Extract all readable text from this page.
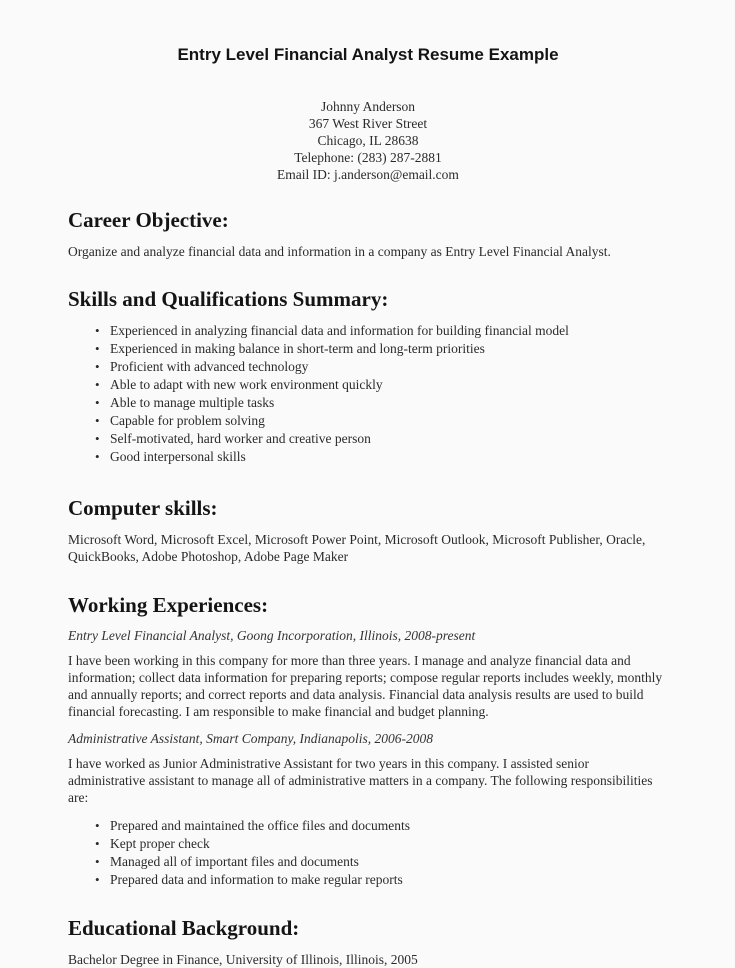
Entry Level Financial Analyst Resume Example
Johnny Anderson
367 West River Street
Chicago, IL 28638
Telephone: (283) 287-2881
Email ID: j.anderson@email.com
Career Objective:

Organize and analyze financial data and information in a company as Entry Level Financial Analyst.

Skills and Qualifications Summary:
• Experienced in analyzing financial data and information for building financial model
• Experienced in making balance in short-term and long-term priorities
• Proficient with advanced technology
• Able to adapt with new work environment quickly
• Able to manage multiple tasks
• Capable for problem solving
• Self-motivated, hard worker and creative person
• Good interpersonal skills
Computer skills:

Microsoft Word, Microsoft Excel, Microsoft Power Point, Microsoft Outlook, Microsoft Publisher, Oracle, QuickBooks, Adobe Photoshop, Adobe Page Maker

Working Experiences:

Entry Level Financial Analyst, Goong Incorporation, Illinois, 2008-present

I have been working in this company for more than three years. I manage and analyze financial data and information; collect data information for preparing reports; compose regular reports includes weekly, monthly and annually reports; and correct reports and data analysis. Financial data analysis results are used to build financial forecasting. I am responsible to make financial and budget planning.

Administrative Assistant, Smart Company, Indianapolis, 2006-2008

I have worked as Junior Administrative Assistant for two years in this company. I assisted senior administrative assistant to manage all of administrative matters in a company. The following responsibilities are:

• Prepared and maintained the office files and documents
• Kept proper check
• Managed all of important files and documents
• Prepared data and information to make regular reports
Educational Background:

Bachelor Degree in Finance, University of Illinois, Illinois, 2005
